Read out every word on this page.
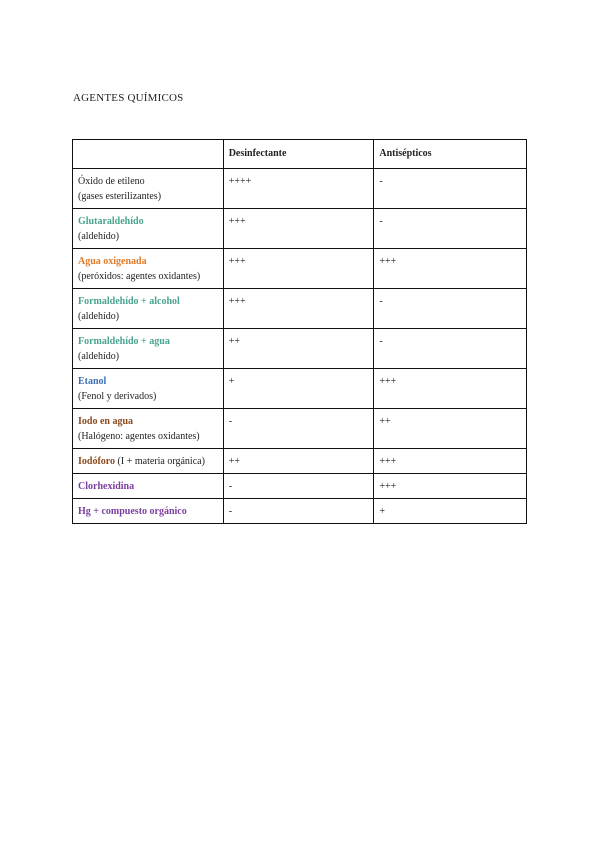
AGENTES QUÍMICOS
	Desinfectante	Antisépticos
Óxido de etileno
(gases esterilizantes)	++++	-
Glutaraldehído
(aldehído)	+++	-
Agua oxigenada
(peróxidos: agentes oxidantes)	+++	+++
Formaldehído + alcohol
(aldehído)	+++	-
Formaldehído + agua
(aldehído)	++	-
Etanol
(Fenol y derivados)	+	+++
Iodo en agua
(Halógeno: agentes oxidantes)	-	++
Iodóforo (I + materia orgánica)	++	+++
Clorhexidina	-	+++
Hg + compuesto orgánico	-	+
